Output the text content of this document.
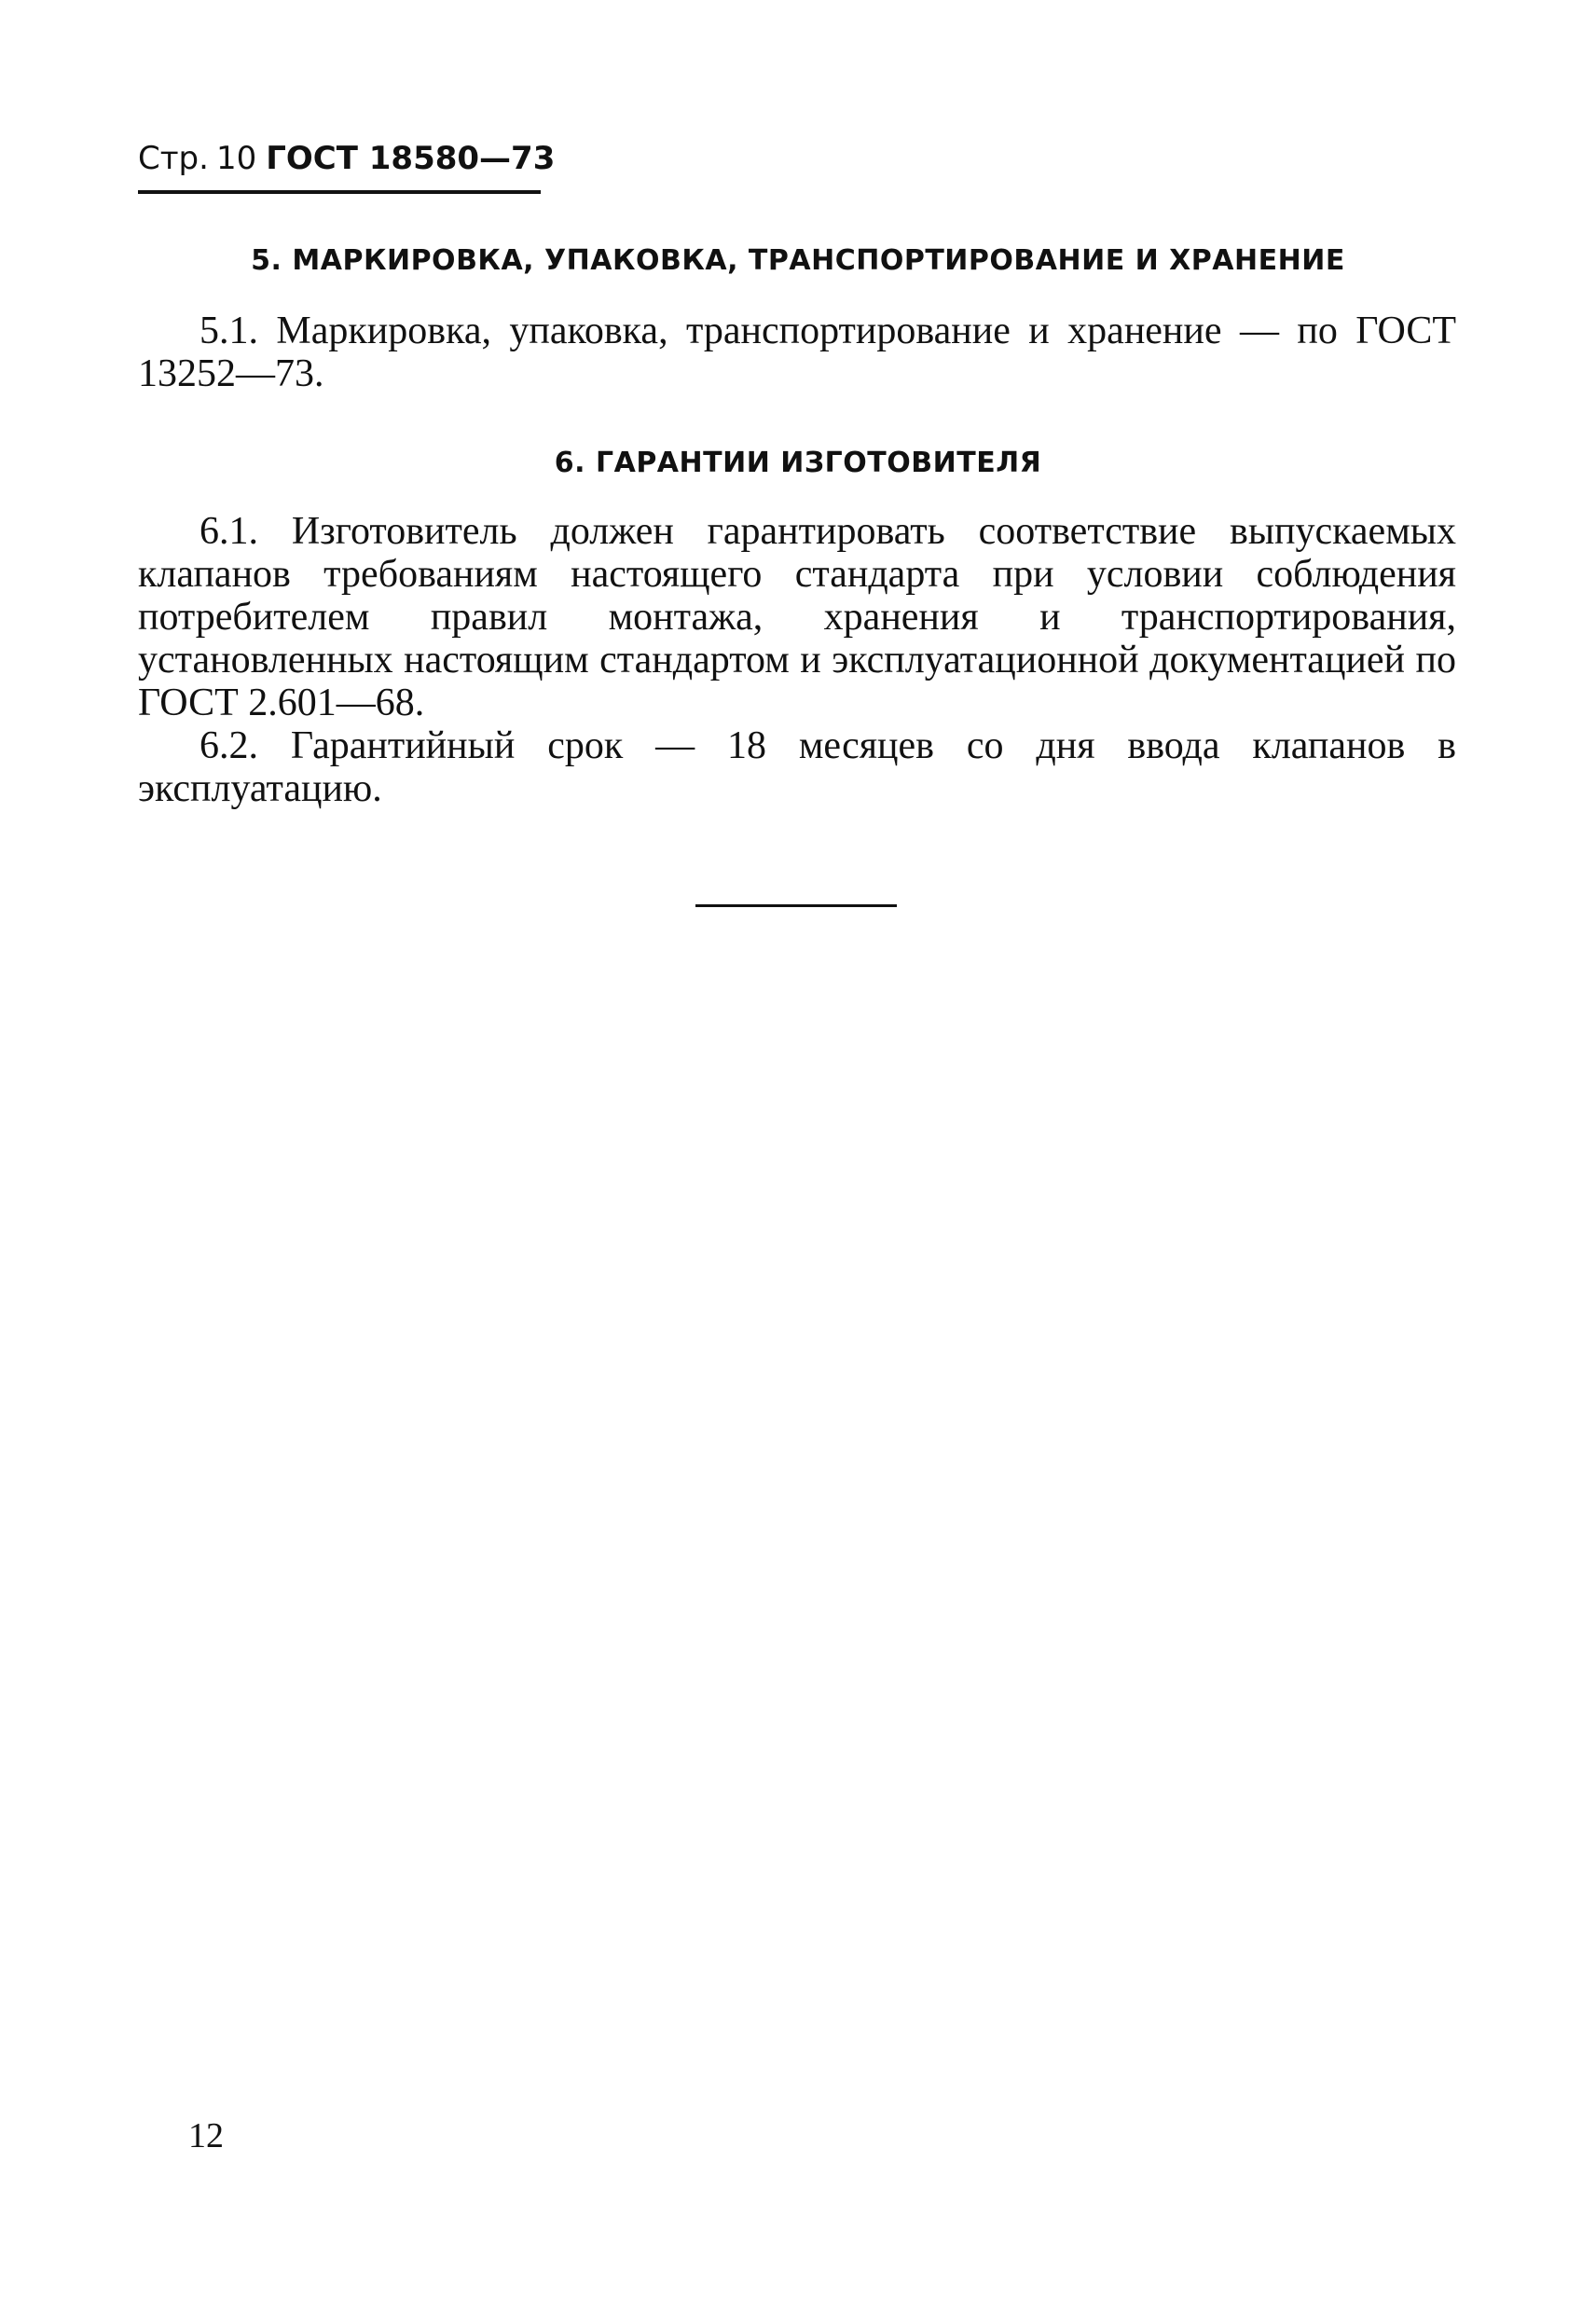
Стр. 10 ГОСТ 18580—73
5. МАРКИРОВКА, УПАКОВКА, ТРАНСПОРТИРОВАНИЕ И ХРАНЕНИЕ

5.1. Маркировка, упаковка, транспортирование и хранение — по ГОСТ 13252—73.

6. ГАРАНТИИ ИЗГОТОВИТЕЛЯ

6.1. Изготовитель должен гарантировать соответствие выпускаемых клапанов требованиям настоящего стандарта при условии соблюдения потребителем правил монтажа, хранения и транспортирования, установленных настоящим стандартом и эксплуатационной документацией по ГОСТ 2.601—68.

6.2. Гарантийный срок — 18 месяцев со дня ввода клапанов в эксплуатацию.

12
